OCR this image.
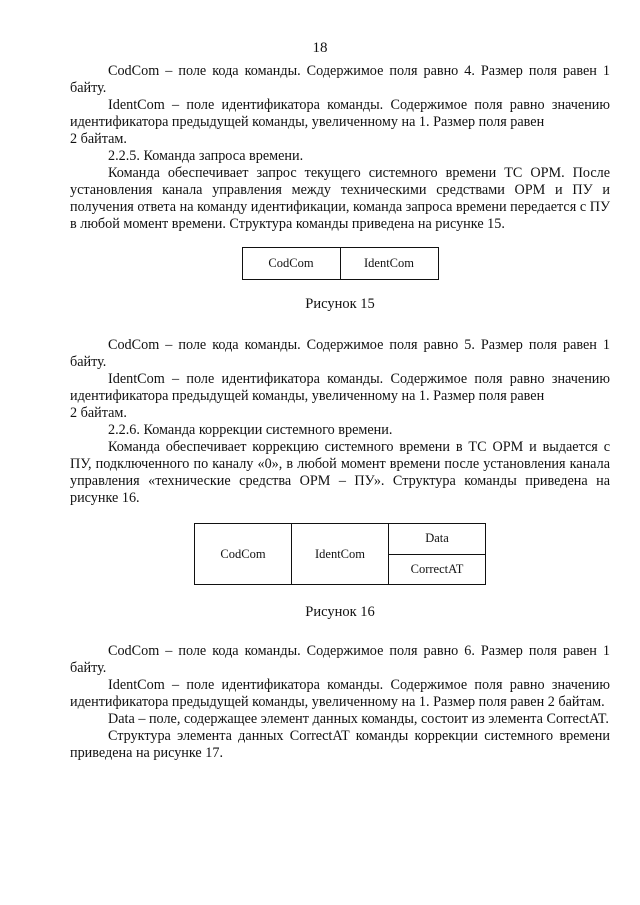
18

CodCom – поле кода команды. Содержимое поля равно 4. Размер поля равен 1 байту.

IdentCom – поле идентификатора команды. Содержимое поля равно значению идентификатора предыдущей команды, увеличенному на 1. Размер поля равен

2 байтам.

2.2.5. Команда запроса времени.

Команда обеспечивает запрос текущего системного времени ТС ОРМ. После установления канала управления между техническими средствами ОРМ и ПУ и получения ответа на команду идентификации, команда запроса времени передается с ПУ в любой момент времени. Структура команды приведена на рисунке 15.

CodCom	IdentCom

Рисунок 15

CodCom – поле кода команды. Содержимое поля равно 5. Размер поля равен 1 байту.

IdentCom – поле идентификатора команды. Содержимое поля равно значению идентификатора предыдущей команды, увеличенному на 1. Размер поля равен

2 байтам.

2.2.6. Команда коррекции системного времени.

Команда обеспечивает коррекцию системного времени в ТС ОРМ и выдается с ПУ, подключенного по каналу «0», в любой момент времени после установления канала управления «технические средства ОРМ – ПУ». Структура команды приведена на рисунке 16.

CodCom	IdentCom	Data
CorrectAT

Рисунок 16

CodCom – поле кода команды. Содержимое поля равно 6. Размер поля равен 1 байту.

IdentCom – поле идентификатора команды. Содержимое поля равно значению идентификатора предыдущей команды, увеличенному на 1. Размер поля равен 2 байтам.

Data – поле, содержащее элемент данных команды, состоит из элемента CorrectAT.

Структура элемента данных CorrectAT команды коррекции системного времени приведена на рисунке 17.
